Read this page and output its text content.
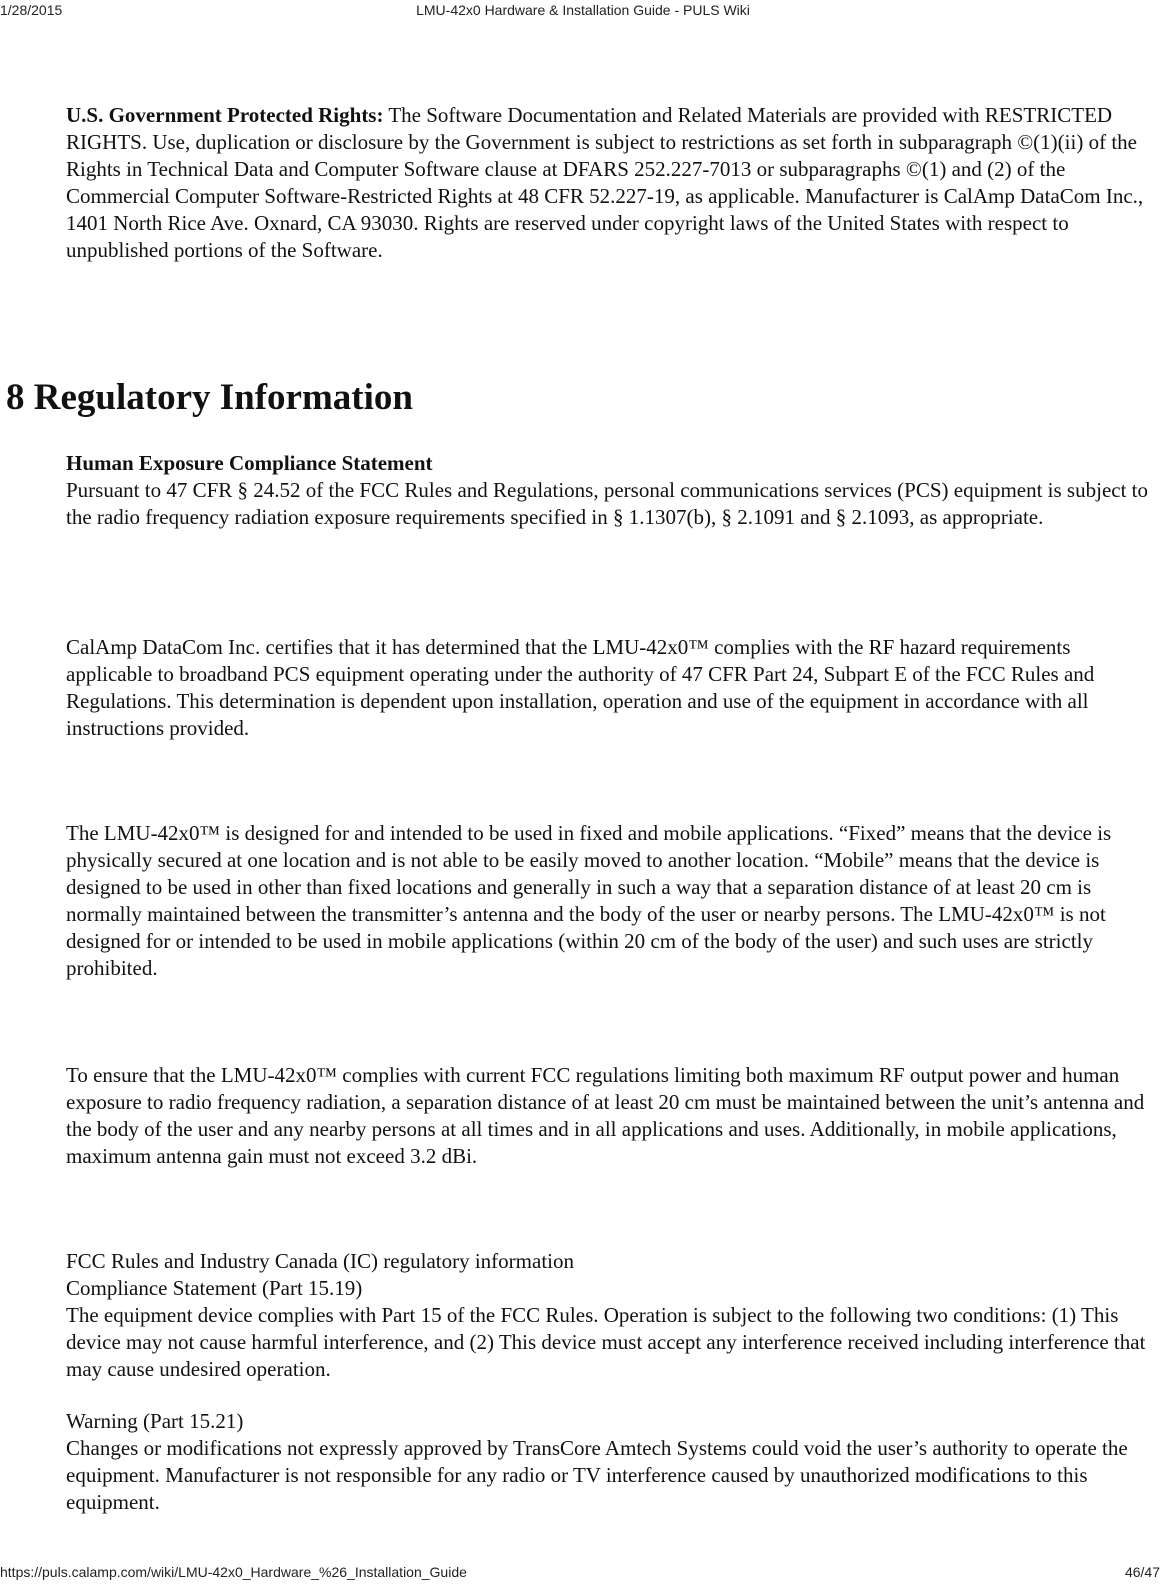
1/28/2015	LMU-42x0 Hardware & Installation Guide - PULS Wiki

U.S. Government Protected Rights: The Software Documentation and Related Materials are provided with RESTRICTED RIGHTS. Use, duplication or disclosure by the Government is subject to restrictions as set forth in subparagraph ©(1)(ii) of the Rights in Technical Data and Computer Software clause at DFARS 252.227-7013 or subparagraphs ©(1) and (2) of the Commercial Computer Software-Restricted Rights at 48 CFR 52.227-19, as applicable. Manufacturer is CalAmp DataCom Inc., 1401 North Rice Ave. Oxnard, CA 93030. Rights are reserved under copyright laws of the United States with respect to unpublished portions of the Software.

8 Regulatory Information

Human Exposure Compliance Statement
Pursuant to 47 CFR § 24.52 of the FCC Rules and Regulations, personal communications services (PCS) equipment is subject to the radio frequency radiation exposure requirements specified in § 1.1307(b), § 2.1091 and § 2.1093, as appropriate.

CalAmp DataCom Inc. certifies that it has determined that the LMU-42x0™ complies with the RF hazard requirements applicable to broadband PCS equipment operating under the authority of 47 CFR Part 24, Subpart E of the FCC Rules and Regulations. This determination is dependent upon installation, operation and use of the equipment in accordance with all instructions provided.

The LMU-42x0™ is designed for and intended to be used in fixed and mobile applications. “Fixed” means that the device is physically secured at one location and is not able to be easily moved to another location. “Mobile” means that the device is designed to be used in other than fixed locations and generally in such a way that a separation distance of at least 20 cm is normally maintained between the transmitter’s antenna and the body of the user or nearby persons. The LMU-42x0™ is not designed for or intended to be used in mobile applications (within 20 cm of the body of the user) and such uses are strictly prohibited.

To ensure that the LMU-42x0™ complies with current FCC regulations limiting both maximum RF output power and human exposure to radio frequency radiation, a separation distance of at least 20 cm must be maintained between the unit’s antenna and the body of the user and any nearby persons at all times and in all applications and uses. Additionally, in mobile applications, maximum antenna gain must not exceed 3.2 dBi.

FCC Rules and Industry Canada (IC) regulatory information
Compliance Statement (Part 15.19)
The equipment device complies with Part 15 of the FCC Rules. Operation is subject to the following two conditions: (1) This device may not cause harmful interference, and (2) This device must accept any interference received including interference that may cause undesired operation.

Warning (Part 15.21)
Changes or modifications not expressly approved by TransCore Amtech Systems could void the user’s authority to operate the equipment. Manufacturer is not responsible for any radio or TV interference caused by unauthorized modifications to this equipment.

https://puls.calamp.com/wiki/LMU-42x0_Hardware_%26_Installation_Guide	46/47
